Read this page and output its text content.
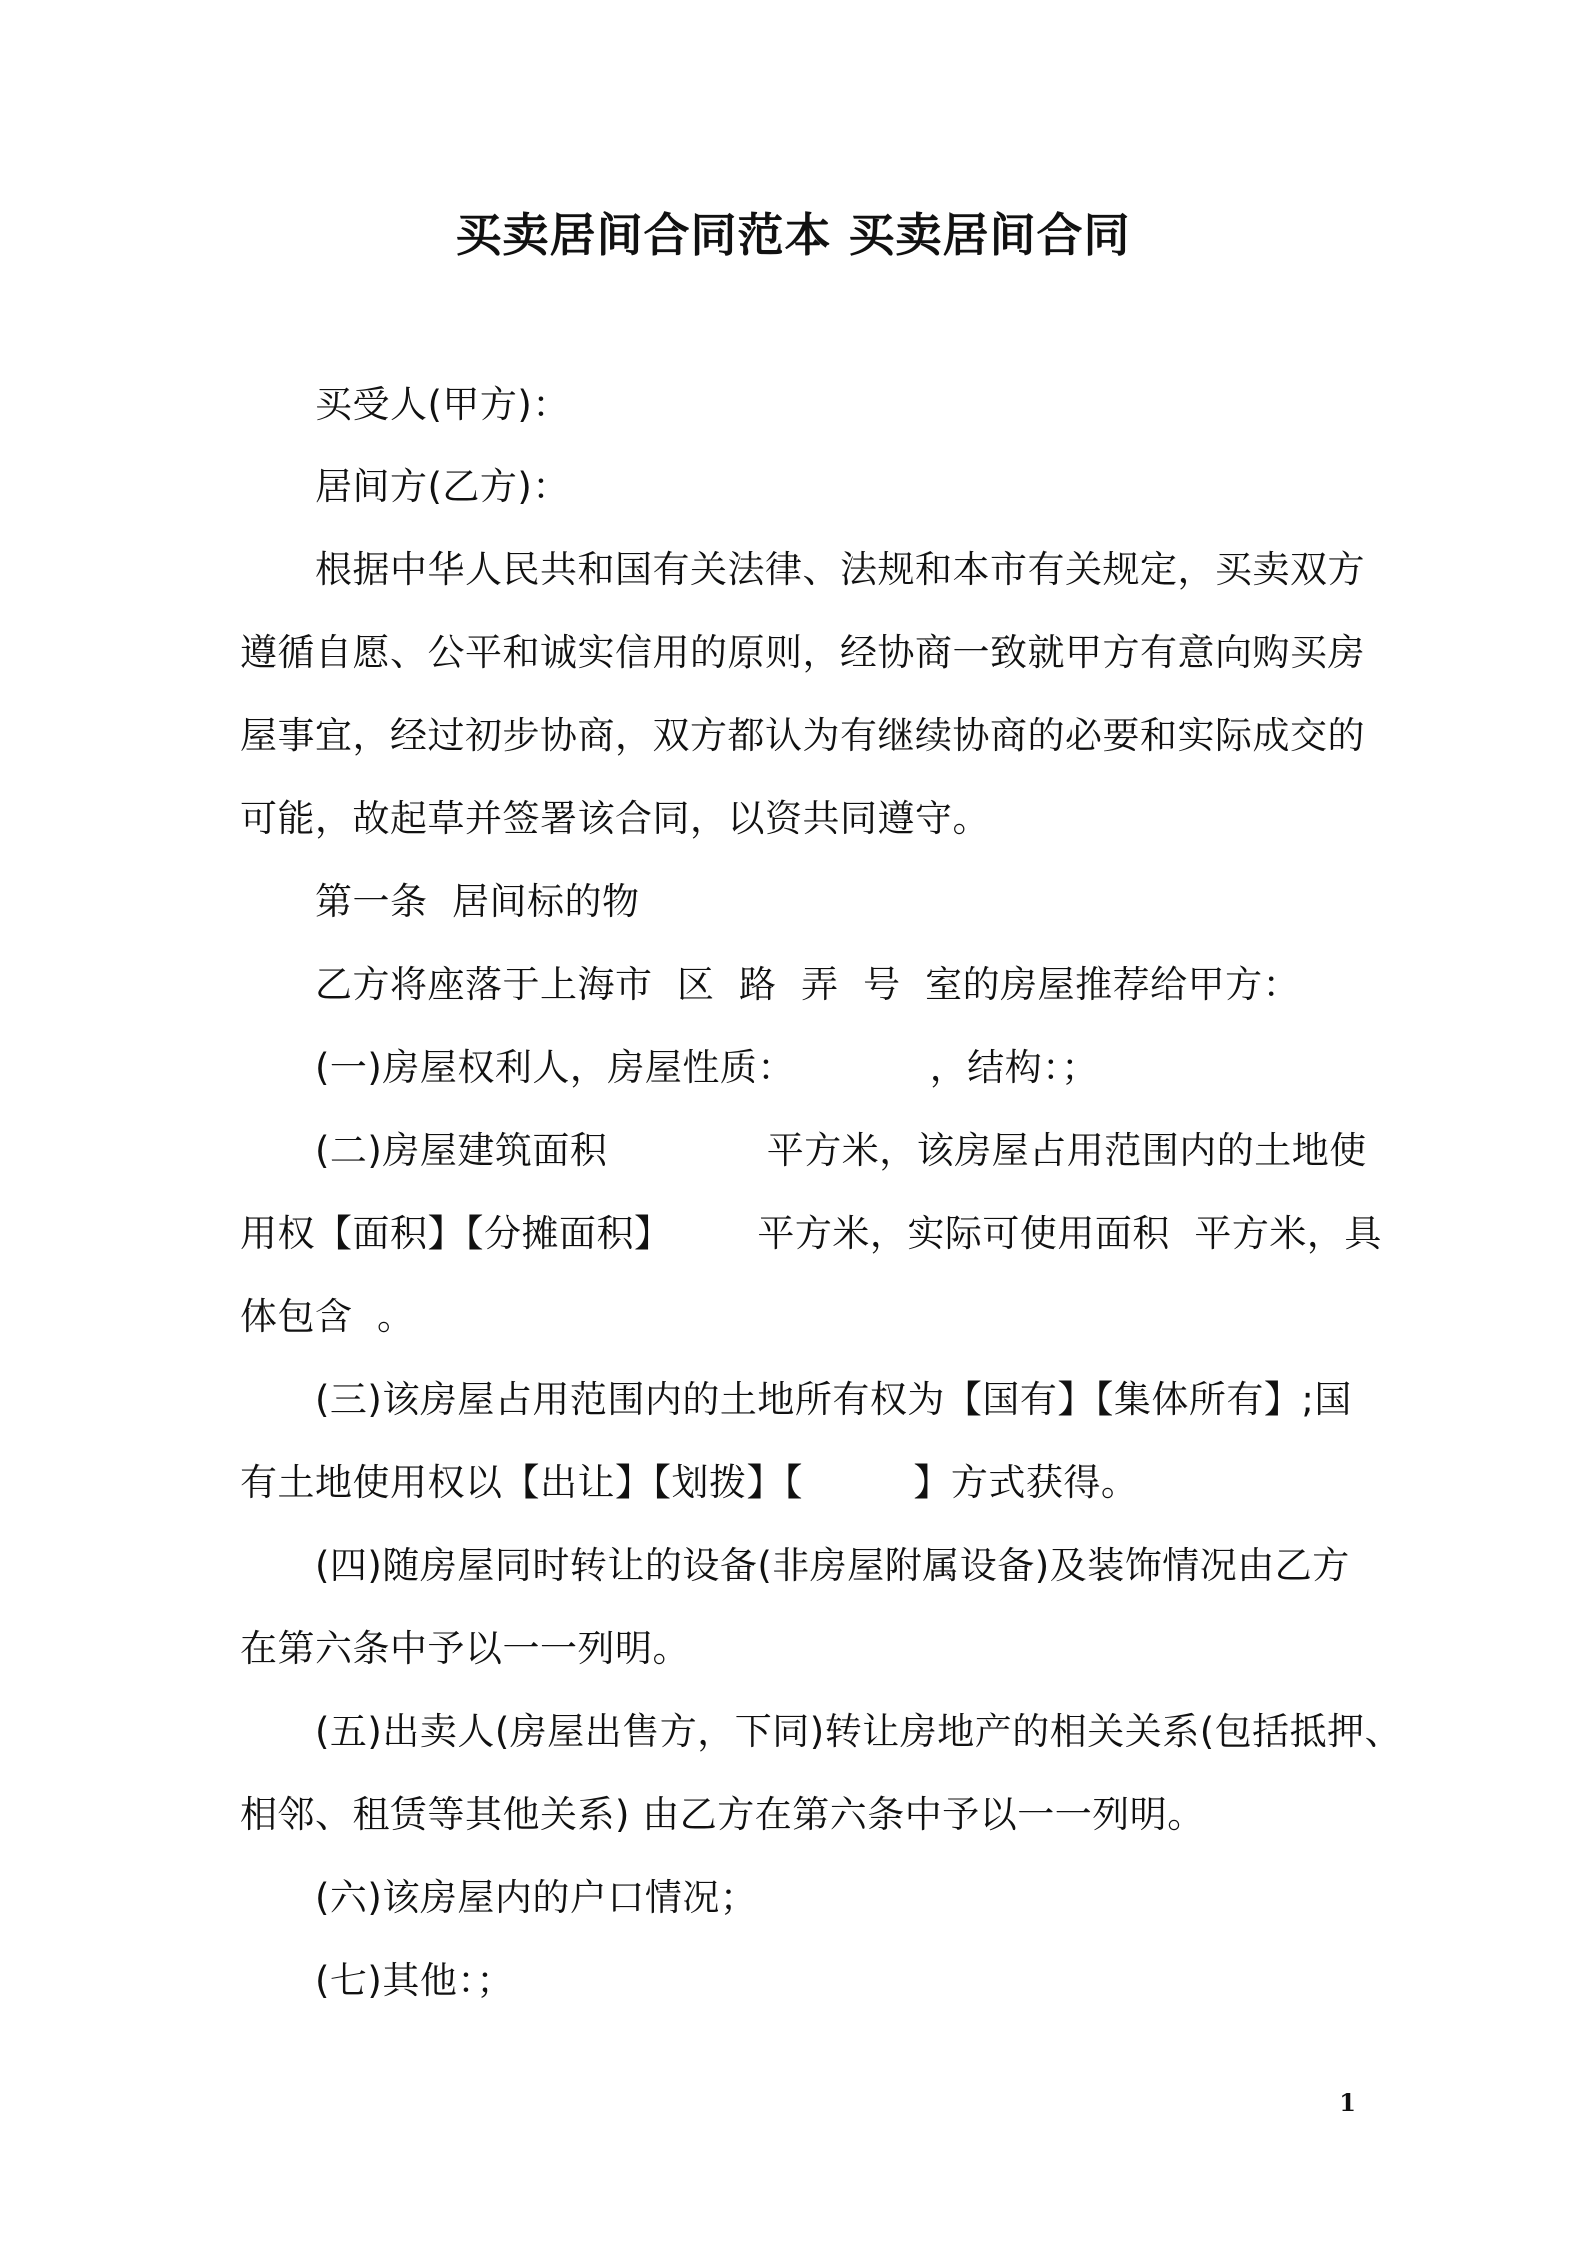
买卖居间合同范本 买卖居间合同
买受人(甲方)：
居间方(乙方)：
根据中华人民共和国有关法律、法规和本市有关规定，买卖双方
遵循自愿、公平和诚实信用的原则，经协商一致就甲方有意向购买房
屋事宜，经过初步协商，双方都认为有继续协商的必要和实际成交的
可能，故起草并签署该合同，以资共同遵守。
第一条  居间标的物
乙方将座落于上海市  区  路  弄  号  室的房屋推荐给甲方：
(一)房屋权利人，房屋性质：           ，结构：；
(二)房屋建筑面积             平方米，该房屋占用范围内的土地使
用权【面积】【分摊面积】       平方米，实际可使用面积  平方米，具
体包含  。
(三)该房屋占用范围内的土地所有权为【国有】【集体所有】;国
有土地使用权以【出让】【划拨】【         】方式获得。
(四)随房屋同时转让的设备(非房屋附属设备)及装饰情况由乙方
在第六条中予以一一列明。
(五)出卖人(房屋出售方，下同)转让房地产的相关关系(包括抵押、
相邻、租赁等其他关系) 由乙方在第六条中予以一一列明。
(六)该房屋内的户口情况；
(七)其他：；
1
